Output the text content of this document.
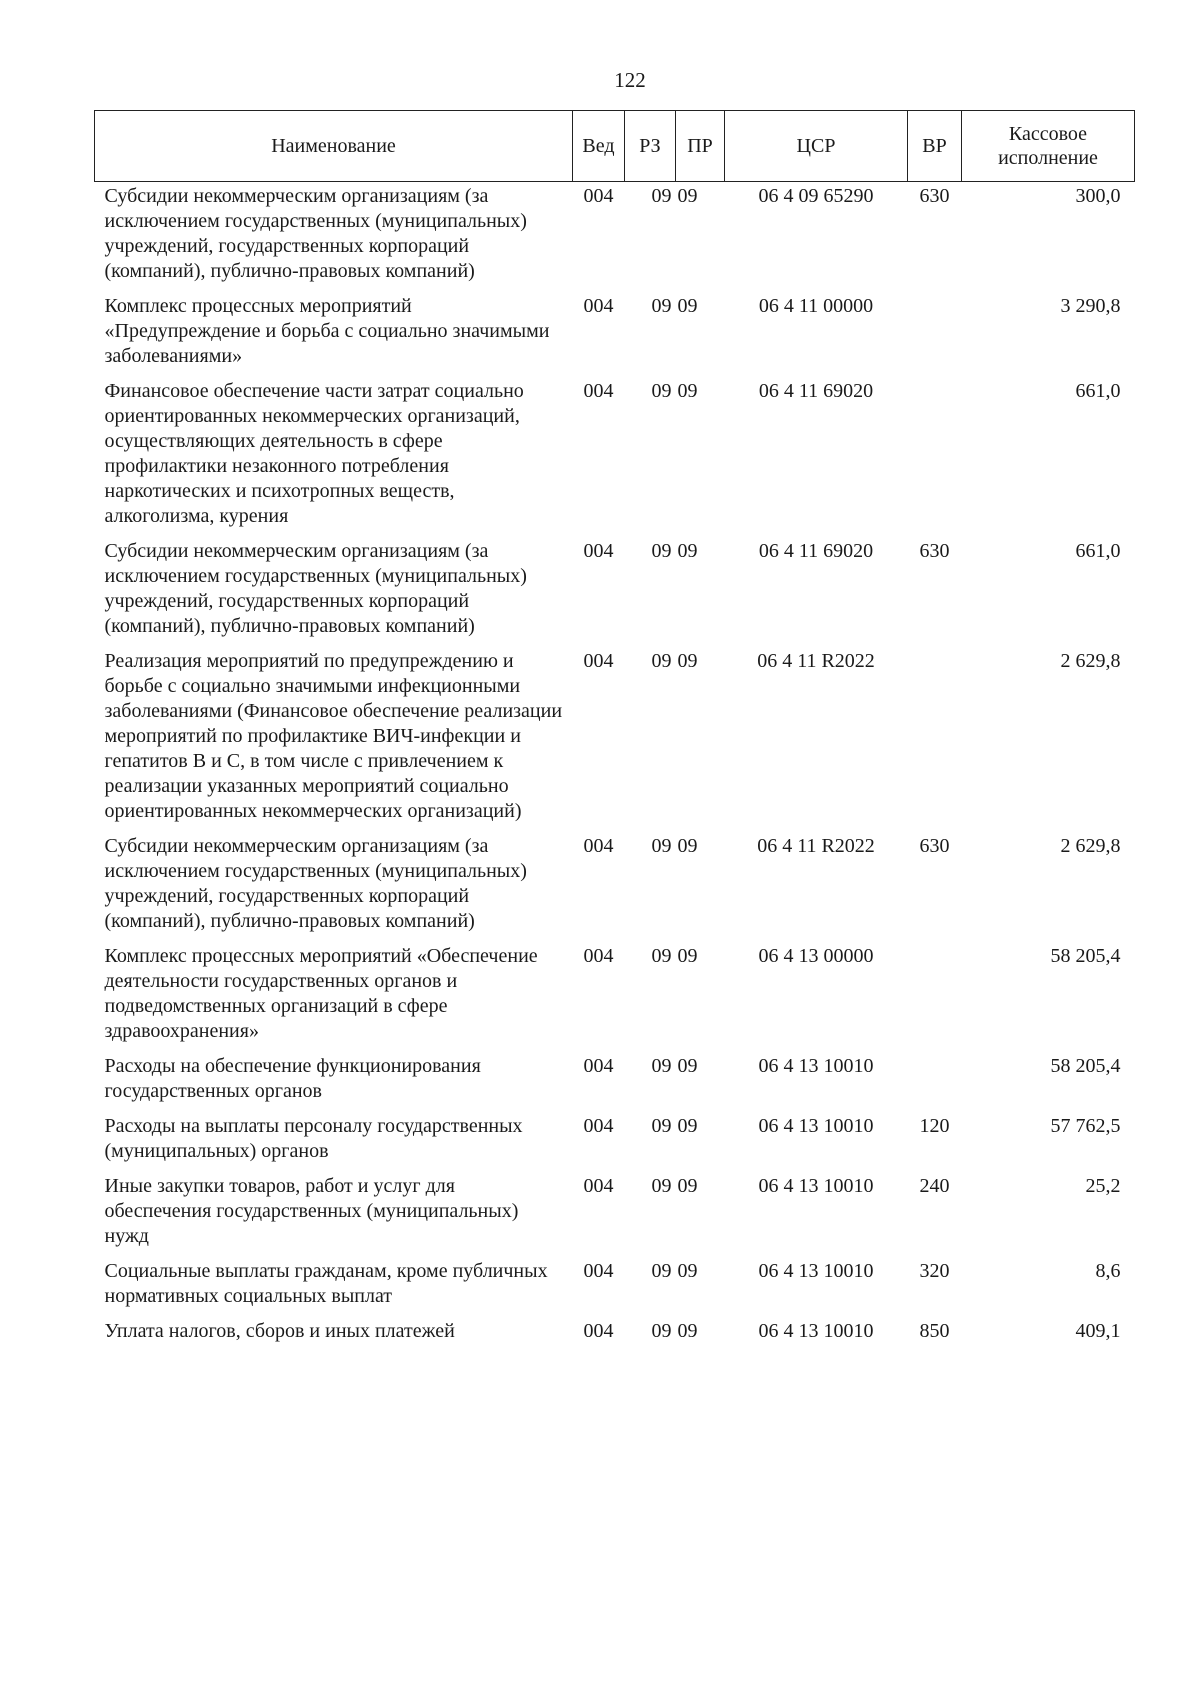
122
Наименование	Вед	РЗ	ПР	ЦСР	ВР	Кассовое исполнение
Субсидии некоммерческим организациям (за исключением государственных (муниципальных) учреждений, государственных корпораций (компаний), публично-правовых компаний)	004	09	09	06 4 09 65290	630	300,0
Комплекс процессных мероприятий «Предупреждение и борьба с социально значимыми заболеваниями»	004	09	09	06 4 11 00000		3 290,8
Финансовое обеспечение части затрат социально ориентированных некоммерческих организаций, осуществляющих деятельность в сфере профилактики незаконного потребления наркотических и психотропных веществ, алкоголизма, курения	004	09	09	06 4 11 69020		661,0
Субсидии некоммерческим организациям (за исключением государственных (муниципальных) учреждений, государственных корпораций (компаний), публично-правовых компаний)	004	09	09	06 4 11 69020	630	661,0
Реализация мероприятий по предупреждению и борьбе с социально значимыми инфекционными заболеваниями (Финансовое обеспечение реализации мероприятий по профилактике ВИЧ-инфекции и гепатитов В и С, в том числе с привлечением к реализации указанных мероприятий социально ориентированных некоммерческих организаций)	004	09	09	06 4 11 R2022		2 629,8
Субсидии некоммерческим организациям (за исключением государственных (муниципальных) учреждений, государственных корпораций (компаний), публично-правовых компаний)	004	09	09	06 4 11 R2022	630	2 629,8
Комплекс процессных мероприятий «Обеспечение деятельности государственных органов и подведомственных организаций в сфере здравоохранения»	004	09	09	06 4 13 00000		58 205,4
Расходы на обеспечение функционирования государственных органов	004	09	09	06 4 13 10010		58 205,4
Расходы на выплаты персоналу государственных (муниципальных) органов	004	09	09	06 4 13 10010	120	57 762,5
Иные закупки товаров, работ и услуг для обеспечения государственных (муниципальных) нужд	004	09	09	06 4 13 10010	240	25,2
Социальные выплаты гражданам, кроме публичных нормативных социальных выплат	004	09	09	06 4 13 10010	320	8,6
Уплата налогов, сборов и иных платежей	004	09	09	06 4 13 10010	850	409,1
